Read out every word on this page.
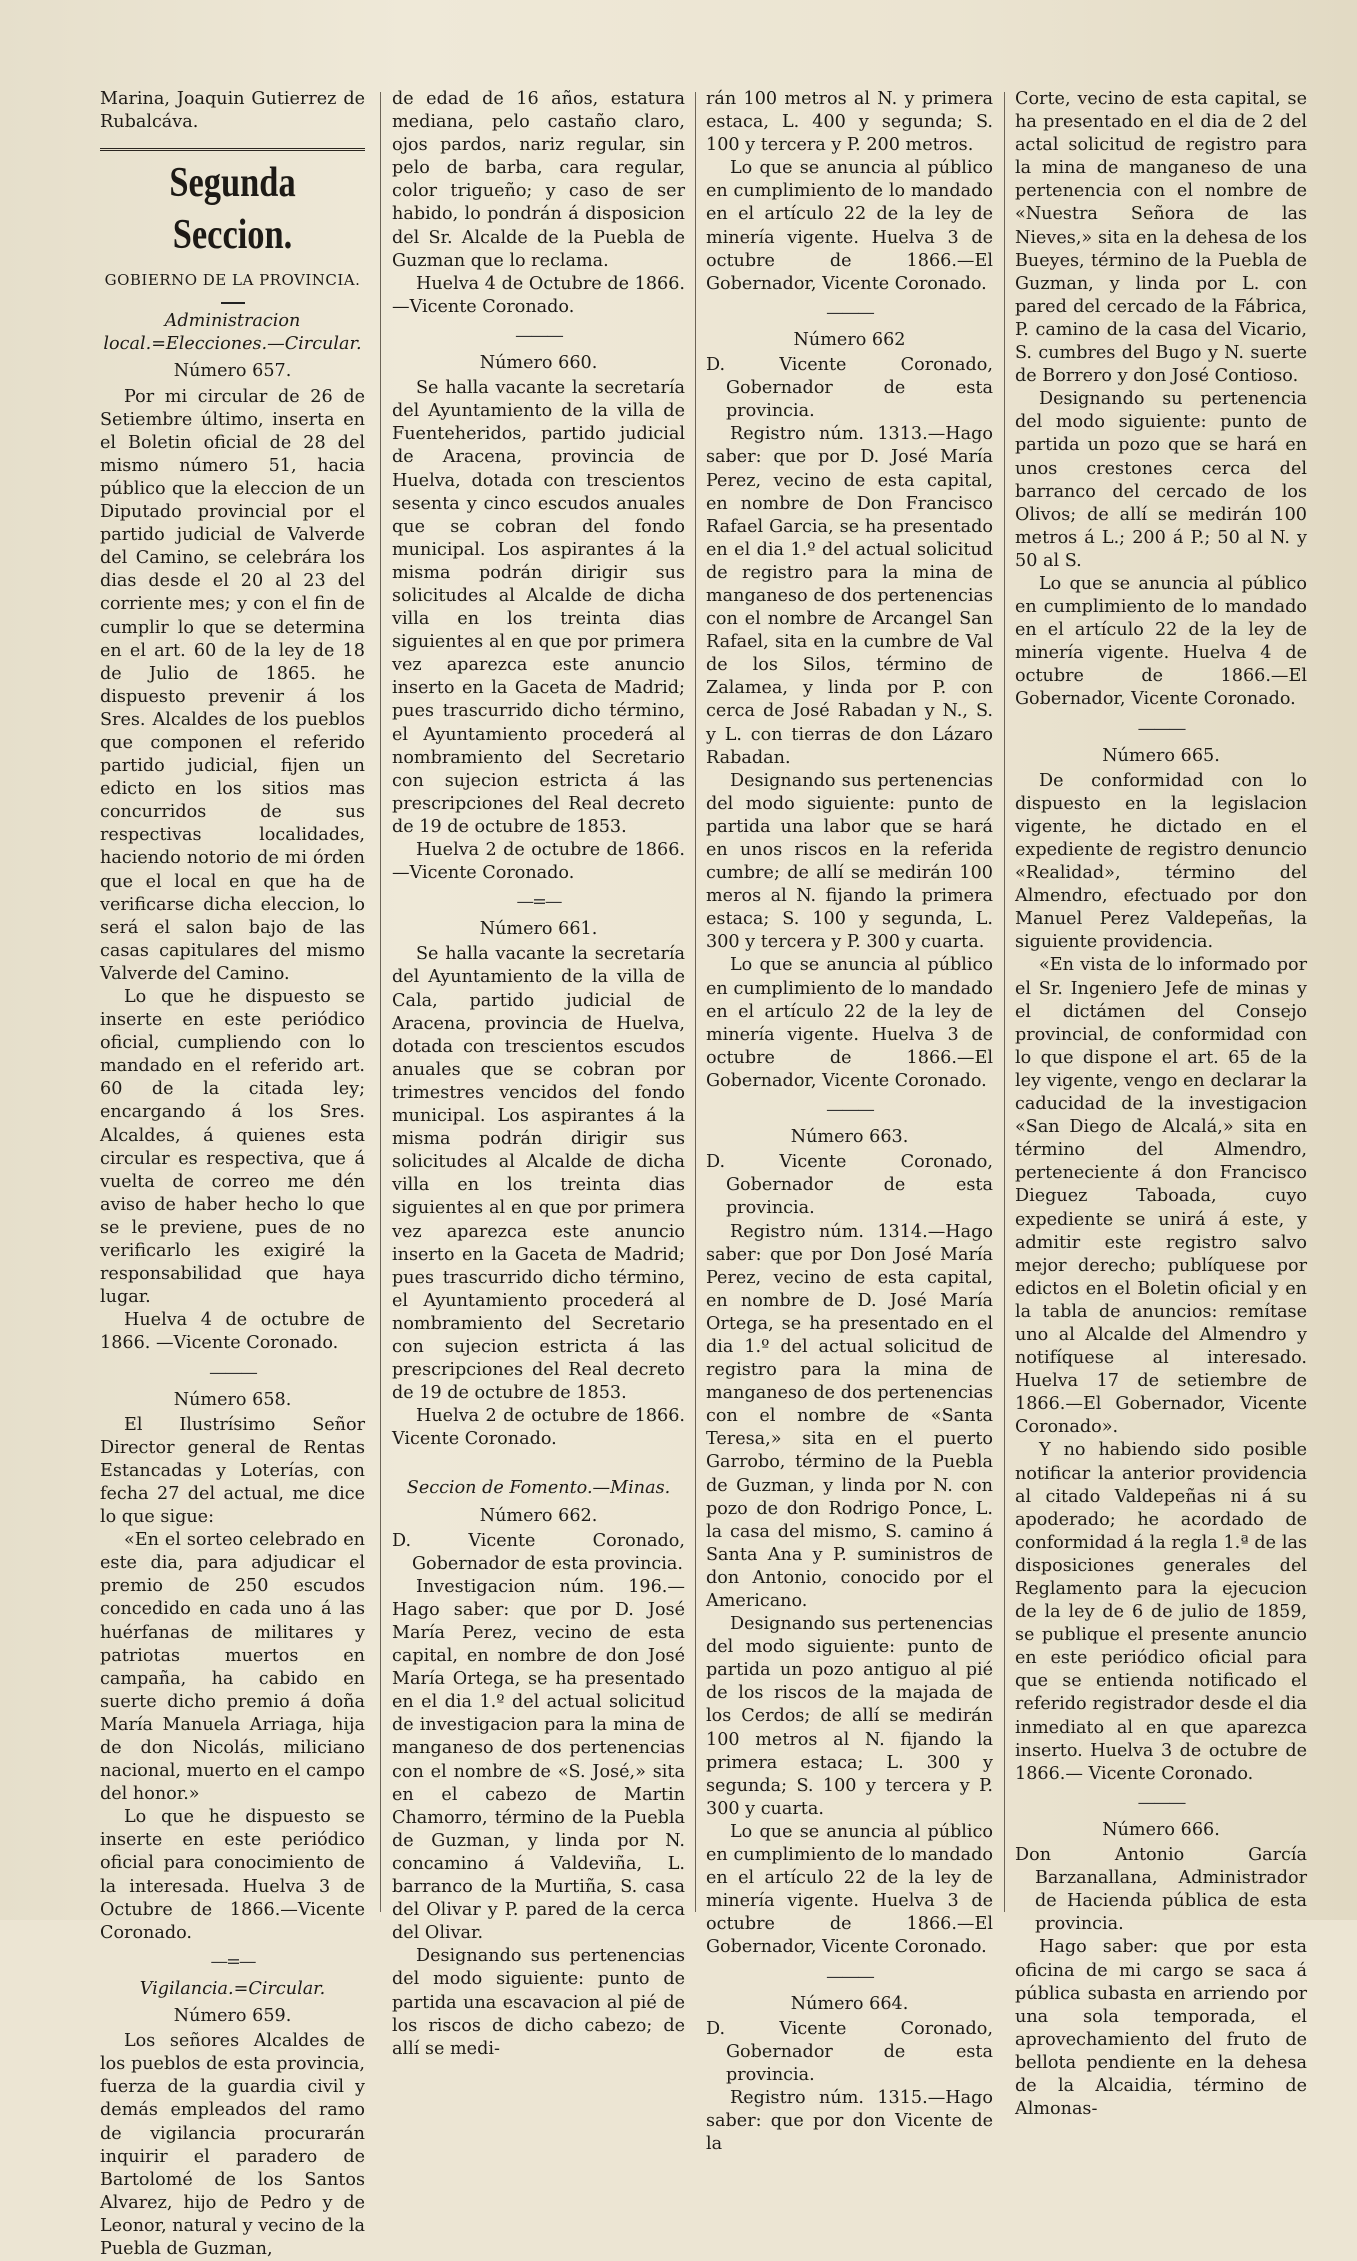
Marina, Joaquin Gutierrez de Rubalcáva.

Segunda Seccion.
GOBIERNO DE LA PROVINCIA.
Administracion local.=Elecciones.—Circular.
Número 657.

Por mi circular de 26 de Setiembre último, inserta en el Boletin oficial de 28 del mismo número 51, hacia público que la eleccion de un Diputado provincial por el partido judicial de Valverde del Camino, se celebrára los dias desde el 20 al 23 del corriente mes; y con el fin de cumplir lo que se determina en el art. 60 de la ley de 18 de Julio de 1865. he dispuesto prevenir á los Sres. Alcaldes de los pueblos que componen el referido partido judicial, fijen un edicto en los sitios mas concurridos de sus respectivas localidades, haciendo notorio de mi órden que el local en que ha de verificarse dicha eleccion, lo será el salon bajo de las casas capitulares del mismo Valverde del Camino.

Lo que he dispuesto se inserte en este periódico oficial, cumpliendo con lo mandado en el referido art. 60 de la citada ley; encargando á los Sres. Alcaldes, á quienes esta circular es respectiva, que á vuelta de correo me dén aviso de haber hecho lo que se le previene, pues de no verificarlo les exigiré la responsabilidad que haya lugar.

Huelva 4 de octubre de 1866. —Vicente Coronado.

———
Número 658.

El Ilustrísimo Señor Director general de Rentas Estancadas y Loterías, con fecha 27 del actual, me dice lo que sigue:

«En el sorteo celebrado en este dia, para adjudicar el premio de 250 escudos concedido en cada uno á las huérfanas de militares y patriotas muertos en campaña, ha cabido en suerte dicho premio á doña María Manuela Arriaga, hija de don Nicolás, miliciano nacional, muerto en el campo del honor.»

Lo que he dispuesto se inserte en este periódico oficial para conocimiento de la interesada. Huelva 3 de Octubre de 1866.—Vicente Coronado.

—=—
Vigilancia.=Circular.
Número 659.

Los señores Alcaldes de los pueblos de esta provincia, fuerza de la guardia civil y demás empleados del ramo de vigilancia procurarán inquirir el paradero de Bartolomé de los Santos Alvarez, hijo de Pedro y de Leonor, natural y vecino de la Puebla de Guzman,

de edad de 16 años, estatura mediana, pelo castaño claro, ojos pardos, nariz regular, sin pelo de barba, cara regular, color trigueño; y caso de ser habido, lo pondrán á disposicion del Sr. Alcalde de la Puebla de Guzman que lo reclama.

Huelva 4 de Octubre de 1866. —Vicente Coronado.

———
Número 660.

Se halla vacante la secretaría del Ayuntamiento de la villa de Fuenteheridos, partido judicial de Aracena, provincia de Huelva, dotada con trescientos sesenta y cinco escudos anuales que se cobran del fondo municipal. Los aspirantes á la misma podrán dirigir sus solicitudes al Alcalde de dicha villa en los treinta dias siguientes al en que por primera vez aparezca este anuncio inserto en la Gaceta de Madrid; pues trascurrido dicho término, el Ayuntamiento procederá al nombramiento del Secretario con sujecion estricta á las prescripciones del Real decreto de 19 de octubre de 1853.

Huelva 2 de octubre de 1866. —Vicente Coronado.

—=—
Número 661.

Se halla vacante la secretaría del Ayuntamiento de la villa de Cala, partido judicial de Aracena, provincia de Huelva, dotada con trescientos escudos anuales que se cobran por trimestres vencidos del fondo municipal. Los aspirantes á la misma podrán dirigir sus solicitudes al Alcalde de dicha villa en los treinta dias siguientes al en que por primera vez aparezca este anuncio inserto en la Gaceta de Madrid; pues trascurrido dicho término, el Ayuntamiento procederá al nombramiento del Secretario con sujecion estricta á las prescripciones del Real decreto de 19 de octubre de 1853.

Huelva 2 de octubre de 1866. Vicente Coronado.

Seccion de Fomento.—Minas.
Número 662.

D. Vicente Coronado, Gobernador de esta provincia.

Investigacion núm. 196.—Hago saber: que por D. José María Perez, vecino de esta capital, en nombre de don José María Ortega, se ha presentado en el dia 1.º del actual solicitud de investigacion para la mina de manganeso de dos pertenencias con el nombre de «S. José,» sita en el cabezo de Martin Chamorro, término de la Puebla de Guzman, y linda por N. concamino á Valdeviña, L. barranco de la Murtiña, S. casa del Olivar y P. pared de la cerca del Olivar.

Designando sus pertenencias del modo siguiente: punto de partida una escavacion al pié de los riscos de dicho cabezo; de allí se medi-

rán 100 metros al N. y primera estaca, L. 400 y segunda; S. 100 y tercera y P. 200 metros.

Lo que se anuncia al público en cumplimiento de lo mandado en el artículo 22 de la ley de minería vigente. Huelva 3 de octubre de 1866.—El Gobernador, Vicente Coronado.

———
Número 662

D. Vicente Coronado, Gobernador de esta provincia.

Registro núm. 1313.—Hago saber: que por D. José María Perez, vecino de esta capital, en nombre de Don Francisco Rafael Garcia, se ha presentado en el dia 1.º del actual solicitud de registro para la mina de manganeso de dos pertenencias con el nombre de Arcangel San Rafael, sita en la cumbre de Val de los Silos, término de Zalamea, y linda por P. con cerca de José Rabadan y N., S. y L. con tierras de don Lázaro Rabadan.

Designando sus pertenencias del modo siguiente: punto de partida una labor que se hará en unos riscos en la referida cumbre; de allí se medirán 100 meros al N. fijando la primera estaca; S. 100 y segunda, L. 300 y tercera y P. 300 y cuarta.

Lo que se anuncia al público en cumplimiento de lo mandado en el artículo 22 de la ley de minería vigente. Huelva 3 de octubre de 1866.—El Gobernador, Vicente Coronado.

———
Número 663.

D. Vicente Coronado, Gobernador de esta provincia.

Registro núm. 1314.—Hago saber: que por Don José María Perez, vecino de esta capital, en nombre de D. José María Ortega, se ha presentado en el dia 1.º del actual solicitud de registro para la mina de manganeso de dos pertenencias con el nombre de «Santa Teresa,» sita en el puerto Garrobo, término de la Puebla de Guzman, y linda por N. con pozo de don Rodrigo Ponce, L. la casa del mismo, S. camino á Santa Ana y P. suministros de don Antonio, conocido por el Americano.

Designando sus pertenencias del modo siguiente: punto de partida un pozo antiguo al pié de los riscos de la majada de los Cerdos; de allí se medirán 100 metros al N. fijando la primera estaca; L. 300 y segunda; S. 100 y tercera y P. 300 y cuarta.

Lo que se anuncia al público en cumplimiento de lo mandado en el artículo 22 de la ley de minería vigente. Huelva 3 de octubre de 1866.—El Gobernador, Vicente Coronado.

———
Número 664.

D. Vicente Coronado, Gobernador de esta provincia.

Registro núm. 1315.—Hago saber: que por don Vicente de la

Corte, vecino de esta capital, se ha presentado en el dia de 2 del actal solicitud de registro para la mina de manganeso de una pertenencia con el nombre de «Nuestra Señora de las Nieves,» sita en la dehesa de los Bueyes, término de la Puebla de Guzman, y linda por L. con pared del cercado de la Fábrica, P. camino de la casa del Vicario, S. cumbres del Bugo y N. suerte de Borrero y don José Contioso.

Designando su pertenencia del modo siguiente: punto de partida un pozo que se hará en unos crestones cerca del barranco del cercado de los Olivos; de allí se medirán 100 metros á L.; 200 á P.; 50 al N. y 50 al S.

Lo que se anuncia al público en cumplimiento de lo mandado en el artículo 22 de la ley de minería vigente. Huelva 4 de octubre de 1866.—El Gobernador, Vicente Coronado.

———
Número 665.

De conformidad con lo dispuesto en la legislacion vigente, he dictado en el expediente de registro denuncio «Realidad», término del Almendro, efectuado por don Manuel Perez Valdepeñas, la siguiente providencia.

«En vista de lo informado por el Sr. Ingeniero Jefe de minas y el dictámen del Consejo provincial, de conformidad con lo que dispone el art. 65 de la ley vigente, vengo en declarar la caducidad de la investigacion «San Diego de Alcalá,» sita en término del Almendro, perteneciente á don Francisco Dieguez Taboada, cuyo expediente se unirá á este, y admitir este registro salvo mejor derecho; publíquese por edictos en el Boletin oficial y en la tabla de anuncios: remítase uno al Alcalde del Almendro y notifíquese al interesado. Huelva 17 de setiembre de 1866.—El Gobernador, Vicente Coronado».

Y no habiendo sido posible notificar la anterior providencia al citado Valdepeñas ni á su apoderado; he acordado de conformidad á la regla 1.ª de las disposiciones generales del Reglamento para la ejecucion de la ley de 6 de julio de 1859, se publique el presente anuncio en este periódico oficial para que se entienda notificado el referido registrador desde el dia inmediato al en que aparezca inserto. Huelva 3 de octubre de 1866.— Vicente Coronado.

———
Número 666.

Don Antonio García Barzanallana, Administrador de Hacienda pública de esta provincia.

Hago saber: que por esta oficina de mi cargo se saca á pública subasta en arriendo por una sola temporada, el aprovechamiento del fruto de bellota pendiente en la dehesa de la Alcaidia, término de Almonas-
